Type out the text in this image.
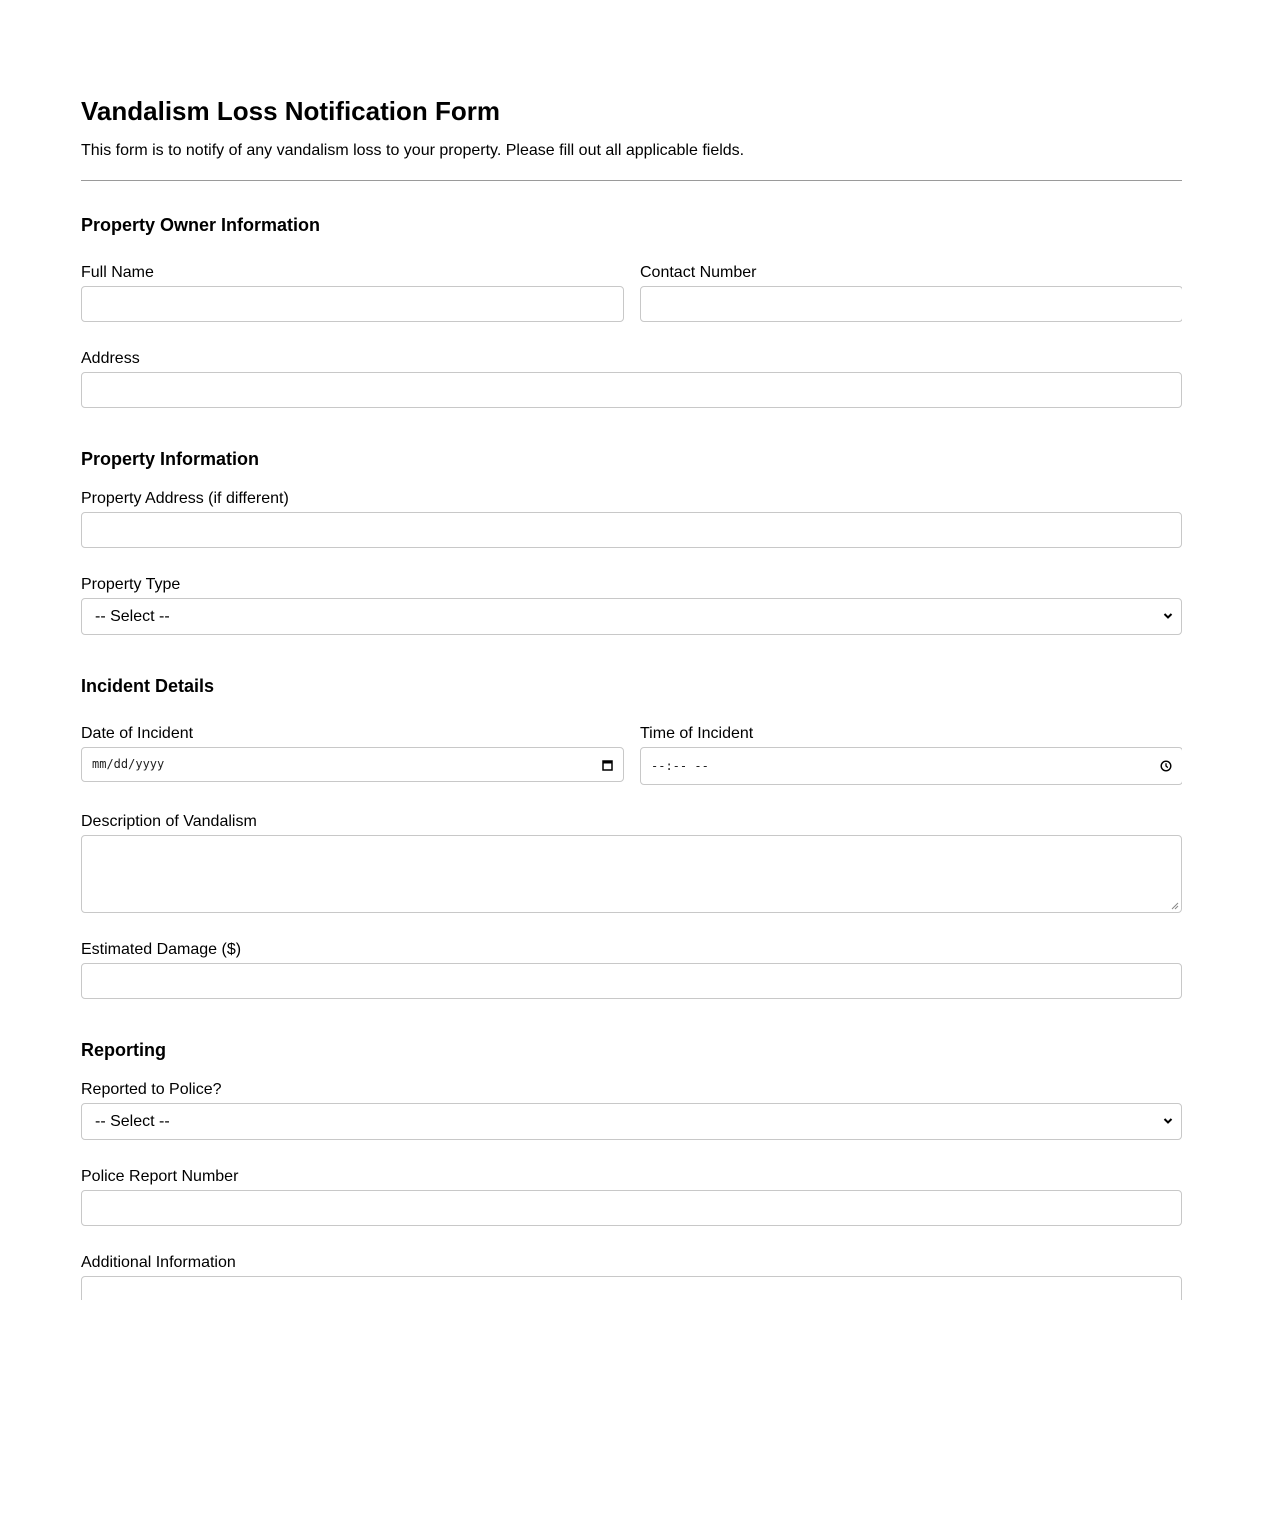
Vandalism Loss Notification Form

This form is to notify of any vandalism loss to your property. Please fill out all applicable fields.

Property Owner Information
Full Name	Contact Number
Address
Property Information
Property Address (if different)
Property Type
-- Select --
Incident Details
Date of Incident
mm/dd/yyyy
Time of Incident
--:-- --
Description of Vandalism
Estimated Damage ($)
Reporting
Reported to Police?
-- Select --
Police Report Number
Additional Information
